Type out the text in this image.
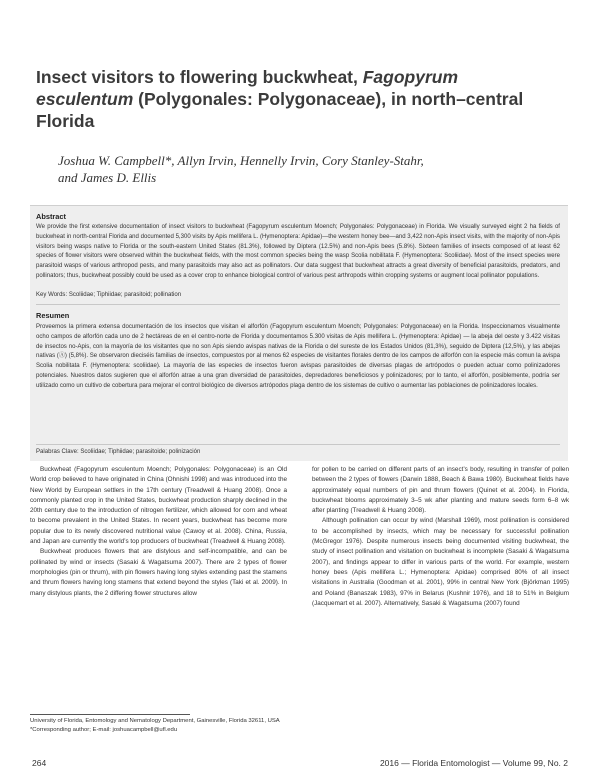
Insect visitors to flowering buckwheat, Fagopyrum esculentum (Polygonales: Polygonaceae), in north–central Florida
Joshua W. Campbell*, Allyn Irvin, Hennelly Irvin, Cory Stanley-Stahr,
and James D. Ellis
Abstract

We provide the first extensive documentation of insect visitors to buckwheat (Fagopyrum esculentum Moench; Polygonales: Polygonaceae) in Florida. We visually surveyed eight 2 ha fields of buckwheat in north-central Florida and documented 5,300 visits by Apis mellifera L. (Hymenoptera: Apidae)—the western honey bee—and 3,422 non-Apis insect visits, with the majority of non-Apis visitors being wasps native to Florida or the south-eastern United States (81.3%), followed by Diptera (12.5%) and non-Apis bees (5.8%). Sixteen families of insects composed of at least 62 species of flower visitors were observed within the buckwheat fields, with the most common species being the wasp Scolia nobilitata F. (Hymenoptera: Scoliidae). Most of the insect species were parasitoid wasps of various arthropod pests, and many parasitoids may also act as pollinators. Our data suggest that buckwheat attracts a great diversity of beneficial parasitoids, predators, and pollinators; thus, buckwheat possibly could be used as a cover crop to enhance biological control of various pest arthropods within cropping systems or augment local pollinator populations.

Key Words: Scoliidae; Tiphiidae; parasitoid; pollination
Resumen

Proveemos la primera extensa documentación de los insectos que visitan el alforfón (Fagopyrum esculentum Moench; Polygonales: Polygonaceae) en la Florida. Inspeccionamos visualmente ocho campos de alforfón cada uno de 2 hectáreas de en el centro-norte de Florida y documentamos 5.300 visitas de Apis mellifera L. (Hymenoptera: Apidae) — la abeja del oeste y 3.422 visitas de insectos no-Apis, con la mayoría de los visitantes que no son Apis siendo avispas nativas de la Florida o del sureste de los Estados Unidos (81,3%), seguido de Diptera (12,5%), y las abejas nativas (Ⓐ) (5,8%). Se observaron dieciséis familias de insectos, compuestos por al menos 62 especies de visitantes florales dentro de los campos de alforfón con la especie más comun la avispa Scolia nobilitata F. (Hymenoptera: scoliidae). La mayoría de las especies de insectos fueron avispas parasitoides de diversas plagas de artrópodos o pueden actuar como polinizadores potenciales. Nuestros datos sugieren que el alforfón atrae a una gran diversidad de parasitoides, depredadores beneficiosos y polinizadores; por lo tanto, el alforfón, posiblemente, podría ser utilizado como un cultivo de cobertura para mejorar el control biológico de diversos artrópodos plaga dentro de los sistemas de cultivo o aumentar las poblaciones de polinizadores locales.

Palabras Clave: Scoliidae; Tiphiidae; parasitoide; polinización

Buckwheat (Fagopyrum esculentum Moench; Polygonales: Polygonaceae) is an Old World crop believed to have originated in China (Ohnishi 1998) and was introduced into the New World by European settlers in the 17th century (Treadwell & Huang 2008). Once a commonly planted crop in the United States, buckwheat production sharply declined in the 20th century due to the introduction of nitrogen fertilizer, which allowed for corn and wheat to become prevalent in the United States. In recent years, buckwheat has become more popular due to its newly discovered nutritional value (Cawoy et al. 2008). China, Russia, and Japan are currently the world’s top producers of buckwheat (Treadwell & Huang 2008).

Buckwheat produces flowers that are distylous and self-incompatible, and can be pollinated by wind or insects (Sasaki & Wagatsuma 2007). There are 2 types of flower morphologies (pin or thrum), with pin flowers having long styles extending past the stamens and thrum flowers having long stamens that extend beyond the styles (Taki et al. 2009). In many distylous plants, the 2 differing flower structures allow

for pollen to be carried on different parts of an insect’s body, resulting in transfer of pollen between the 2 types of flowers (Darwin 1888, Beach & Bawa 1980). Buckwheat fields have approximately equal numbers of pin and thrum flowers (Quinet et al. 2004). In Florida, buckwheat blooms approximately 3–5 wk after planting and mature seeds form 6–8 wk after planting (Treadwell & Huang 2008).

Although pollination can occur by wind (Marshall 1969), most pollination is considered to be accomplished by insects, which may be necessary for successful pollination (McGregor 1976). Despite numerous insects being documented visiting buckwheat, the study of insect pollination and visitation on buckwheat is incomplete (Sasaki & Wagatsuma 2007), and findings appear to differ in various parts of the world. For example, western honey bees (Apis mellifera L.; Hymenoptera: Apidae) comprised 80% of all insect visitations in Australia (Goodman et al. 2001), 99% in central New York (Björkman 1995) and Poland (Banaszak 1983), 97% in Belarus (Kushnir 1976), and 18 to 51% in Belgium (Jacquemart et al. 2007). Alternatively, Sasaki & Wagatsuma (2007) found

University of Florida, Entomology and Nematology Department, Gainesville, Florida 32611, USA
*Corresponding author; E-mail: joshuacampbell@ufl.edu
264	2016 — Florida Entomologist — Volume 99, No. 2
